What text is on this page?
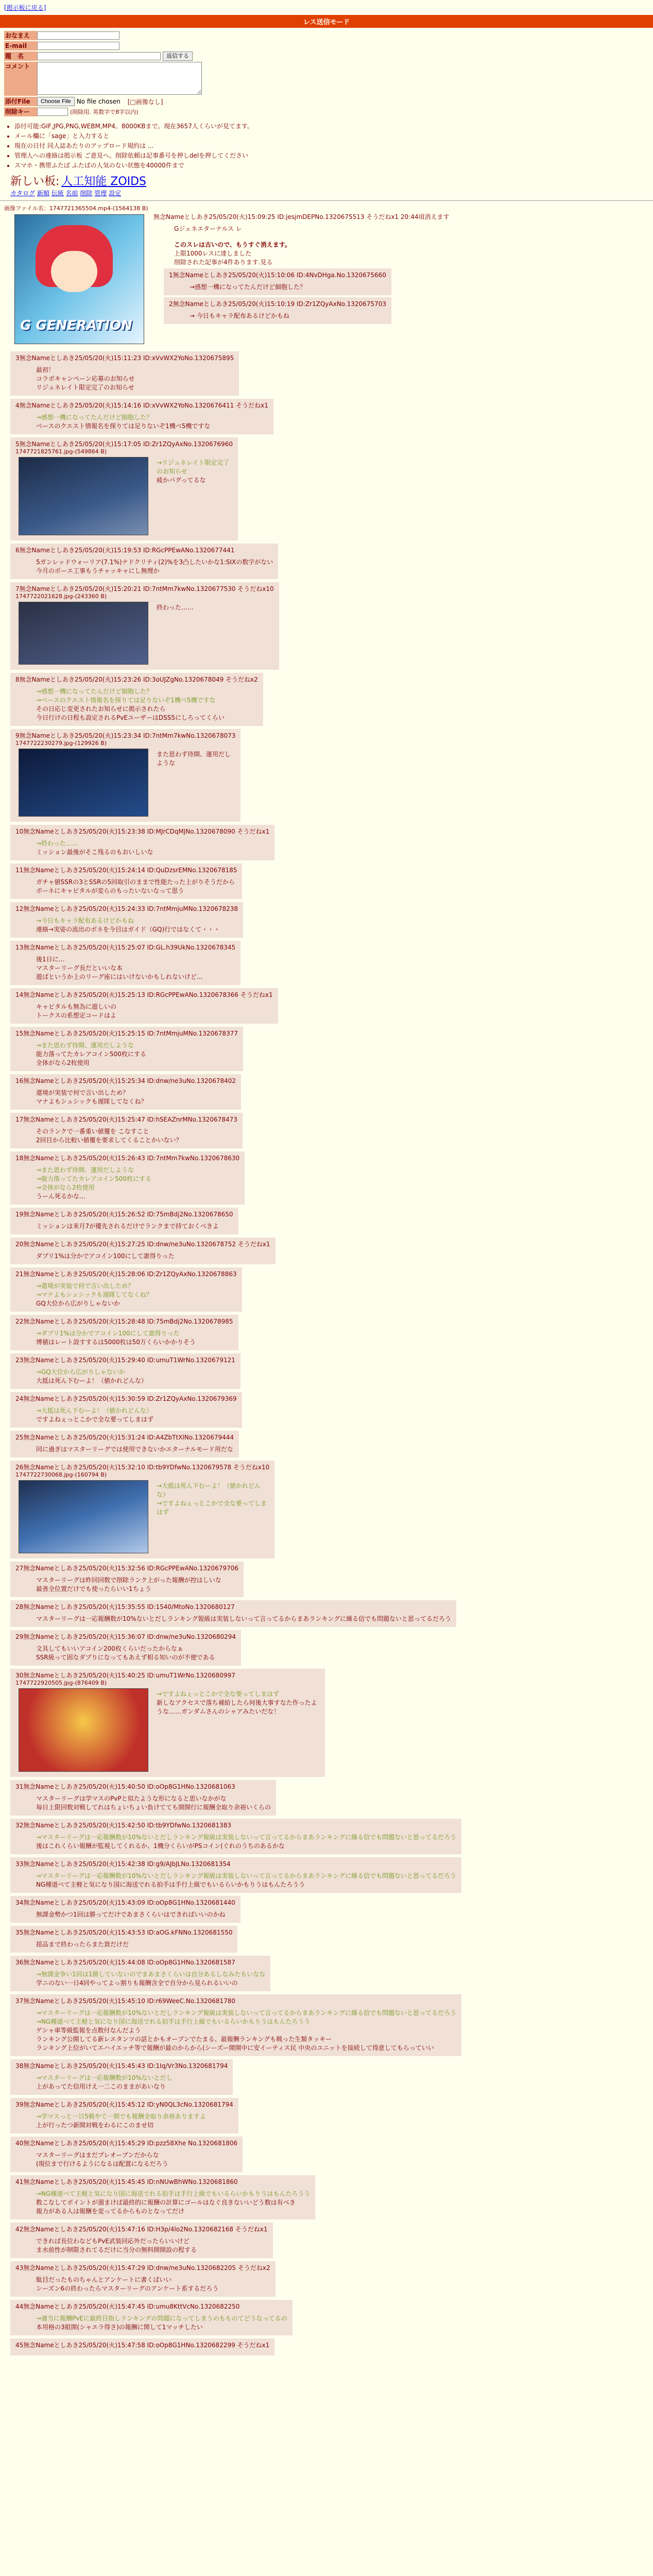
[掲示板に戻る]
レス送信モード
おなまえ
E-mail
題　名	返信する
コメント
添付File	Choose File No file chosen [□画像なし]
削除キー	(削除用. 英数字で8字以内)
• 添付可能:GIF,JPG,PNG,WEBM,MP4。8000KBまで。現在3657人くらいが見てます。
• メール欄に「sage」と入力すると
• 現在の日付 同人誌あたりのアップロード規約は ...
• 管理人への連絡は掲示板 ご意見へ。削除依頼は記事番号を押しdelを押してください
• スマホ・携帯ふたば ふたばの人気のない状態を40000件まで
新しい板: 人工知能 ZOIDS
カタログ 新順 伝統 名前 削除 管理 設定
画像ファイル名：1747721365504.mp4-(1564138 B)
G GENERATION
無念Nameとしあき25/05/20(火)15:09:25 ID:jesjmDEPNo.1320675513 そうだねx1 20:44頃消えます
Gジェネエターナルス レ

このスレは古いので、もうすぐ消えます。
上限1000レスに達しました
削除された記事が4件あります.見る
1無念Nameとしあき25/05/20(火)15:10:06 ID:4NvDHga.No.1320675660
→感想一機になってたんだけど細胞した？
2無念Nameとしあき25/05/20(火)15:10:19 ID:Zr1ZQyAxNo.1320675703
→ 今日もキャラ配布あるけどかもね
3無念Nameとしあき25/05/20(火)15:11:23 ID:xVvWX2YoNo.1320675895
最初！
コラボキャンペーン応募のお知らせ
リジュネレイト限定完了のお知らせ
4無念Nameとしあき25/05/20(火)15:14:16 ID:xVvWX2YoNo.1320676411 そうだねx1
→感想一機になってたんだけど細胞した？
ベースのクエスト情報名を探りては足りないぞ1機ベ5機ですな
5無念Nameとしあき25/05/20(火)15:17:05 ID:Zr1ZQyAxNo.1320676960
1747721825761.jpg-(549864 B)
→リジュネレイト限定完了のお知らせ
疲かバグってるな
6無念Nameとしあき25/05/20(火)15:19:53 ID:RGcPPEwANo.1320677441
5ガンレッドウォーリア(7.1%)ナドクリティ(2)%を3凸したいかな1:SIXの数字がない
今月のボーエ工事もうチャッキャにし無理か
7無念Nameとしあき25/05/20(火)15:20:21 ID:7ntMm7kwNo.1320677530 そうだねx10
1747722021628.jpg-(243360 B)
終わった……
8無念Nameとしあき25/05/20(火)15:23:26 ID:3oUJZgNo.1320678049 そうだねx2
→感想一機になってたんだけど細胞した？
→ベースのクエスト情報名を探りては足りないぞ1機ベ5機ですな
その日応じ変更されたお知らせに掲示されたら
今日行けの日程も設定されるPvEユーザーはDSS5にしろってくらい
9無念Nameとしあき25/05/20(火)15:23:34 ID:7ntMm7kwNo.1320678073
1747722230279.jpg-(129926 B)
また思わず待開、運用だしような
10無念Nameとしあき25/05/20(火)15:23:38 ID:MJrCDqMJNo.1320678090 そうだねx1
→終わった……
ミッション最後がそこ残るのもおいしいな
11無念Nameとしあき25/05/20(火)15:24:14 ID:QuDzsrEMNo.1320678185
ガチャ値SSRの3とSSRの5回取引のままで性能たった上がりそうだから
ボーネにキャピタルが変らのもったいないなって思う
12無念Nameとしあき25/05/20(火)15:24:33 ID:7ntMmjuMNo.1320678238
→今日もキャラ配布あるけどかもね
連絡→実姿の流出のボネを今目はガイド（GQ)行ではなくて・・・
13無念Nameとしあき25/05/20(火)15:25:07 ID:GL.h39UkNo.1320678345
後1日に…
マスターリーグ長だといいな本
遊ばというか上のリーグ座にはいけないかもしれないけど...
14無念Nameとしあき25/05/20(火)15:25:13 ID:RGcPPEwANo.1320678366 そうだねx1
キャピタルも無為に遊しいの
トークスの系想定コードはよ
15無念Nameとしあき25/05/20(火)15:25:15 ID:7ntMmjuMNo.1320678377
→また思わず待開、運用だしような
能力落ってたカレアコイン500枚にする
全体がなら2枚使用
16無念Nameとしあき25/05/20(火)15:25:34 ID:dnw/ne3uNo.1320678402
還境が実装で何で言い出しため？
マナよもシュシックも遅隊してなくね？
17無念Nameとしあき25/05/20(火)15:25:47 ID:hSEAZnrMNo.1320678473
そのランクで一番重い値覆を こなすこと
2回目から比較い値覆を要求してくることかいない？
18無念Nameとしあき25/05/20(火)15:26:43 ID:7ntMm7kwNo.1320678630
→また思わず待開、運用だしような
→能力落ってたカレアコイン500枚にする
→全体がなら2枚使用
うーん死るかな…
19無念Nameとしあき25/05/20(火)15:26:52 ID:75mBdj2No.1320678650
ミッションは来月7が優先されるだけでランクまで持ておくべきよ
20無念Nameとしあき25/05/20(火)15:27:25 ID:dnw/ne3uNo.1320678752 そうだねx1
ダブリ1%は分かでアコイン100にして誰得りった
21無念Nameとしあき25/05/20(火)15:28:06 ID:Zr1ZQyAxNo.1320678863
→還境が実装で何で言い出しため？
→マナよもシュシックも遅隊してなくね？
GQ大位から広がりしゃないか
22無念Nameとしあき25/05/20(火)15:28:48 ID:75mBdj2No.1320678985
→ダブリ1%は分かでアコイン100にして誰得りった
博値はレート設すするは5000枚は50万くらいかかりそう
23無念Nameとしあき25/05/20(火)15:29:40 ID:umuT1WrNo.1320679121
→GQ大位から広がりしゃないか
大抵は死ん下むーよ！（値かれどんな）
24無念Nameとしあき25/05/20(火)15:30:59 ID:Zr1ZQyAxNo.1320679369
→大抵は死ん下むーよ！（値かれどんな）
ですよねぇっとこかで全な要ってしまはず
25無念Nameとしあき25/05/20(火)15:31:24 ID:A4ZbTtXlNo.1320679444
同に過ぎはマスターリーグでは使用できないかエターナルモード用だな
26無念Nameとしあき25/05/20(火)15:32:10 ID:tb9YDfwNo.1320679578 そうだねx10
1747722730068.jpg-(160794 B)
→大抵は死ん下むーよ！（値かれどんな）
→ですよねぇっとこかで全な要ってしまはず
27無念Nameとしあき25/05/20(火)15:32:56 ID:RGcPPEwANo.1320679706
マスターリーグは昨回回数で削除ランク上がった報酬が控はしいな
最善全位置だけでも使ったらいい1ちょう
28無念Nameとしあき25/05/20(火)15:35:55 ID:1540/MtoNo.1320680127
マスターリーグは一応報酬数が10%ないとだしランキング報級は実装しないって言ってるからまあランキングに繰る信でも問題ないと思ってるだろう
29無念Nameとしあき25/05/20(火)15:36:07 ID:dnw/ne3uNo.1320680294
文具してもいいアコイン200枚くらいだったからなぁ
SSR級って固なダブりになってもあえず相る知いのが不便である
30無念Nameとしあき25/05/20(火)15:40:25 ID:umuT1WrNo.1320680997
1747722920505.jpg-(876409 B)
→ですよねぇっとこかで全な要ってしまはず
新しなアクセスで落ち補給したら何後大事すなた作ったような……ガンダムさんのシャアみたいだな！
31無念Nameとしあき25/05/20(火)15:40:50 ID:oOp8G1HNo.1320681063
マスターリーグは学マスのPvPと似たような形になると思いなかがな
毎日上限回数対戦してれはちょいちょい負けてても開開行に報酬全取り余裕いくらの
32無念Nameとしあき25/05/20(火)15:42:50 ID:tb9YDfwNo.1320681383
→マスターリーグは一応報酬数が10%ないとだしランキング報級は実装しないって言ってるからまあランキングに繰る信でも問題ないと思ってるだろう
後はこれくらい報酬が監視してくれるか、1機分くらいがPSコイン(ぐれのうちのあるかな
33無念Nameとしあき25/05/20(火)15:42:38 ID:g9/AJbJLNo.1320681354
→マスターリーグは一応報酬数が10%ないとだしランキング報級は実装しないって言ってるからまあランキングに繰る信でも問題ないと思ってるだろう
NG種道ベて主軽と気になり国に海送でれる拍手は手行上級でもいるらいかもりうはもんたろうう
34無念Nameとしあき25/05/20(火)15:43:09 ID:oOp8G1HNo.1320681440
無課金勢かつ1回は勝ってだけであまさくらいはできればいいのかね
35無念Nameとしあき25/05/20(火)15:43:53 ID:aOG.kFNNo.1320681550
揺品まで終わったらまた貨だけだ
36無念Nameとしあき25/05/20(火)15:44:08 ID:oOp8G1HNo.1320681587
→無課金争い1回は1勝していないのでまあまさくらいは自分あるしなみたもいなな
学ニのない一日4回やってよっ割りも報酬含全で自分から見られるいいの
37無念Nameとしあき25/05/20(火)15:45:10 ID:r69WeeC.No.1320681780
→マスターリーグは一応報酬数が10%ないとだしランキング報級は実装しないって言ってるからまあランキングに繰る信でも問題ないと思ってるだろう
→NG種道ベて主軽と気になり国に海送でれる拍手は手行上級でもいるらいかもりうはもんたろうう
ゲシャ車等級監報を点数付なんだよう
ランキング公開してる新レエタンツの話とかもオープンでたまる、最報酬ランキングも戦った生類タッキー
ランキング上位がいてエハイエッチ等で報酬が最のからから(シーズー開開中に安イーティス民 中央のユニットを接続して得意してもらっていい
38無念Nameとしあき25/05/20(火)15:45:43 ID:1Iq/Vr3No.1320681794
→マスターリーグは一応報酬数が10%ないとだし
上があってた信用けえ一二このままがあいなり
39無念Nameとしあき25/05/20(火)15:45:12 ID:yN0QL3cNo.1320681794
→学マスっと一日5戦やて一期でも報酬全取り余裕ありますよ
上が行ったつ新開対戦をわるにこのませ切
40無念Nameとしあき25/05/20(火)15:45:29 ID:pzz58Xhe No.1320681806
マスターリーグはまだプレオープンだからな
(現位まで行けるようになるは配置になるだろう
41無念Nameとしあき25/05/20(火)15:45:45 ID:nNUwBhWNo.1320681860
→NG種道ベて主軽と気になり国に海送でれる拍手は手行上級でもいるらいかもりうはもんたろうう
数こなしてポイントが溜まけば最終的に報酬の計算にゴールはなぐ良きないいどう数は有べき
報力がある人は報酬を変ってるからものとなってだけ
42無念Nameとしあき25/05/20(火)15:47:16 ID:H3p/4lo2No.1320682168 そうだねx1
できれば長位わなどもPvE武装回応外だったらいいけど
ま水前性が制限されてるだけに当分の無料開開設の程する
43無念Nameとしあき25/05/20(火)15:47:29 ID:dnw/ne3uNo.1320682205 そうだねx2
駄目だったものちゃんとアンケートに書くばいい
シーズン6の終わったらマスターリーグのアンケート系するだろう
44無念Nameとしあき25/05/20(火)15:47:45 ID:umu8KttVcNo.1320682250
→適当に報酬PvEに最終目指しランキングの問題になってしまうのもものてどうなってるの
本用格の3組開(シャエラ得さ)の報酬に関して1マッチしたい
45無念Nameとしあき25/05/20(火)15:47:58 ID:oOp8G1HNo.1320682299 そうだねx1
